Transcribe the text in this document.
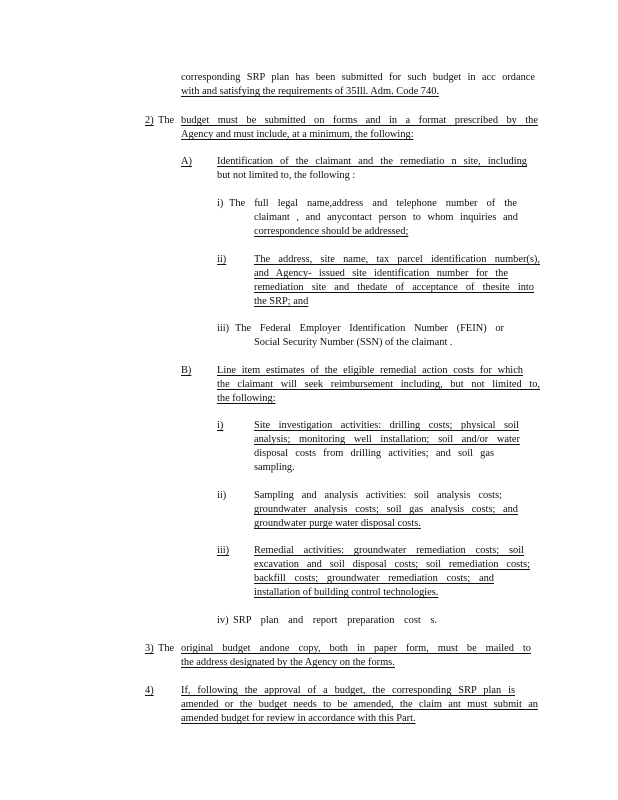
corresponding SRP plan has been submitted for such budget in acc ordance
with and satisfying the requirements of 35Ill. Adm. Code 740.
2) The budget must be submitted on forms and in a format prescribed by the
Agency and must include, at a minimum, the following:
A) Identification of the claimant and the remediatio n site, including
but not limited to, the following :
i) The full legal name,address and telephone number of the
claimant , and anycontact person to whom inquiries and
correspondence should be addressed;
ii)	The address, site name, tax parcel identification number(s),
and Agency- issued site identification number for the
remediation site and thedate of acceptance of thesite into
the SRP; and
iii) The Federal Employer Identification Number (FEIN) or
Social Security Number (SSN) of the claimant .
B) Line item estimates of the eligible remedial action costs for which
the claimant will seek reimbursement including, but not limited to,
the following:
i)	Site investigation activities: drilling costs; physical soil
analysis; monitoring well installation; soil and/or water
disposal costs from drilling activities; and soil gas
sampling.
ii)	Sampling and analysis activities: soil analysis costs;
groundwater analysis costs; soil gas analysis costs; and
groundwater purge water disposal costs.
iii) Remedial activities: groundwater remediation costs; soil
excavation and soil disposal costs; soil remediation costs;
backfill costs; groundwater remediation costs; and
installation of building control technologies.
iv) SRP plan and report preparation cost s.
3) The original budget andone copy, both in paper form, must be mailed to
the address designated by the Agency on the forms.
4)	If, following the approval of a budget, the corresponding SRP plan is
amended or the budget needs to be amended, the claim ant must submit an
amended budget for review in accordance with this Part.
